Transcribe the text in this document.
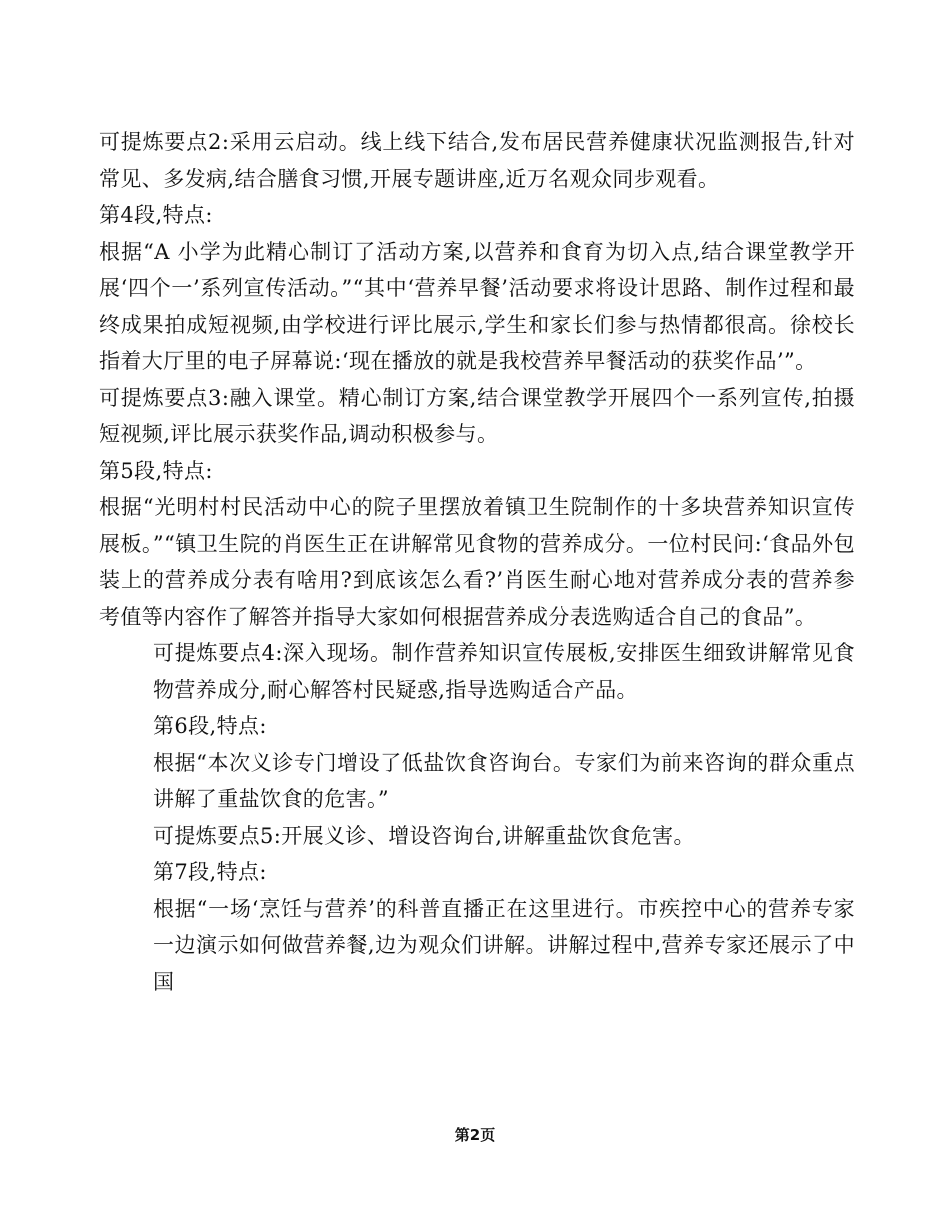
可提炼要点2:采用云启动。线上线下结合,发布居民营养健康状况监测报告,针对常见、多发病,结合膳食习惯,开展专题讲座,近万名观众同步观看。

第4段,特点:

根据“A 小学为此精心制订了活动方案,以营养和食育为切入点,结合课堂教学开展‘四个一’系列宣传活动。”“其中‘营养早餐’活动要求将设计思路、制作过程和最终成果拍成短视频,由学校进行评比展示,学生和家长们参与热情都很高。徐校长指着大厅里的电子屏幕说:‘现在播放的就是我校营养早餐活动的获奖作品’”。

可提炼要点3:融入课堂。精心制订方案,结合课堂教学开展四个一系列宣传,拍摄短视频,评比展示获奖作品,调动积极参与。

第5段,特点:

根据“光明村村民活动中心的院子里摆放着镇卫生院制作的十多块营养知识宣传展板。”“镇卫生院的肖医生正在讲解常见食物的营养成分。一位村民问:‘食品外包装上的营养成分表有啥用?到底该怎么看?’肖医生耐心地对营养成分表的营养参考值等内容作了解答并指导大家如何根据营养成分表选购适合自己的食品”。

可提炼要点4:深入现场。制作营养知识宣传展板,安排医生细致讲解常见食物营养成分,耐心解答村民疑惑,指导选购适合产品。

第6段,特点:

根据“本次义诊专门增设了低盐饮食咨询台。专家们为前来咨询的群众重点讲解了重盐饮食的危害。”

可提炼要点5:开展义诊、增设咨询台,讲解重盐饮食危害。

第7段,特点:

根据“一场‘烹饪与营养’的科普直播正在这里进行。市疾控中心的营养专家一边演示如何做营养餐,边为观众们讲解。讲解过程中,营养专家还展示了中国

第2页
